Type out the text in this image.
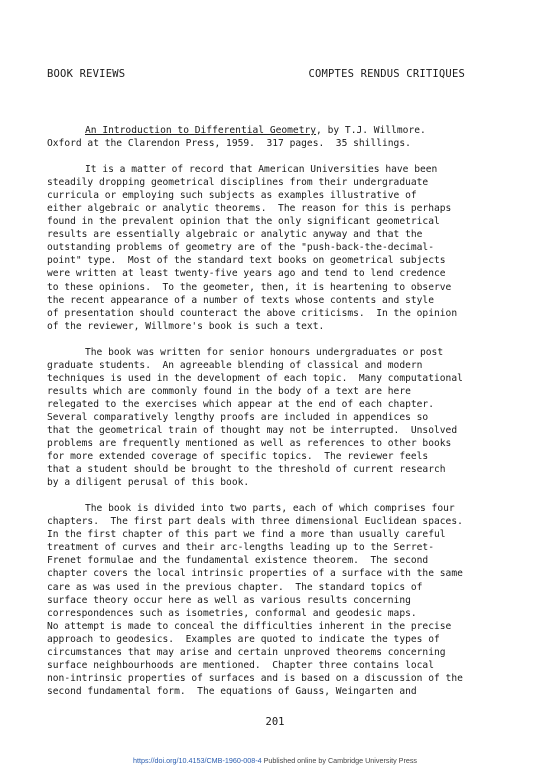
BOOK REVIEWS	COMPTES RENDUS CRITIQUES
An Introduction to Differential Geometry, by T.J. Willmore.
Oxford at the Clarendon Press, 1959.  317 pages.  35 shillings.
It is a matter of record that American Universities have been
steadily dropping geometrical disciplines from their undergraduate
curricula or employing such subjects as examples illustrative of
either algebraic or analytic theorems.  The reason for this is perhaps
found in the prevalent opinion that the only significant geometrical
results are essentially algebraic or analytic anyway and that the
outstanding problems of geometry are of the "push-back-the-decimal-
point" type.  Most of the standard text books on geometrical subjects
were written at least twenty-five years ago and tend to lend credence
to these opinions.  To the geometer, then, it is heartening to observe
the recent appearance of a number of texts whose contents and style
of presentation should counteract the above criticisms.  In the opinion
of the reviewer, Willmore's book is such a text.
The book was written for senior honours undergraduates or post
graduate students.  An agreeable blending of classical and modern
techniques is used in the development of each topic.  Many computational
results which are commonly found in the body of a text are here
relegated to the exercises which appear at the end of each chapter.
Several comparatively lengthy proofs are included in appendices so
that the geometrical train of thought may not be interrupted.  Unsolved
problems are frequently mentioned as well as references to other books
for more extended coverage of specific topics.  The reviewer feels
that a student should be brought to the threshold of current research
by a diligent perusal of this book.
The book is divided into two parts, each of which comprises four
chapters.  The first part deals with three dimensional Euclidean spaces.
In the first chapter of this part we find a more than usually careful
treatment of curves and their arc-lengths leading up to the Serret-
Frenet formulae and the fundamental existence theorem.  The second
chapter covers the local intrinsic properties of a surface with the same
care as was used in the previous chapter.  The standard topics of
surface theory occur here as well as various results concerning
correspondences such as isometries, conformal and geodesic maps.
No attempt is made to conceal the difficulties inherent in the precise
approach to geodesics.  Examples are quoted to indicate the types of
circumstances that may arise and certain unproved theorems concerning
surface neighbourhoods are mentioned.  Chapter three contains local
non-intrinsic properties of surfaces and is based on a discussion of the
second fundamental form.  The equations of Gauss, Weingarten and
201
https://doi.org/10.4153/CMB-1960-008-4 Published online by Cambridge University Press
